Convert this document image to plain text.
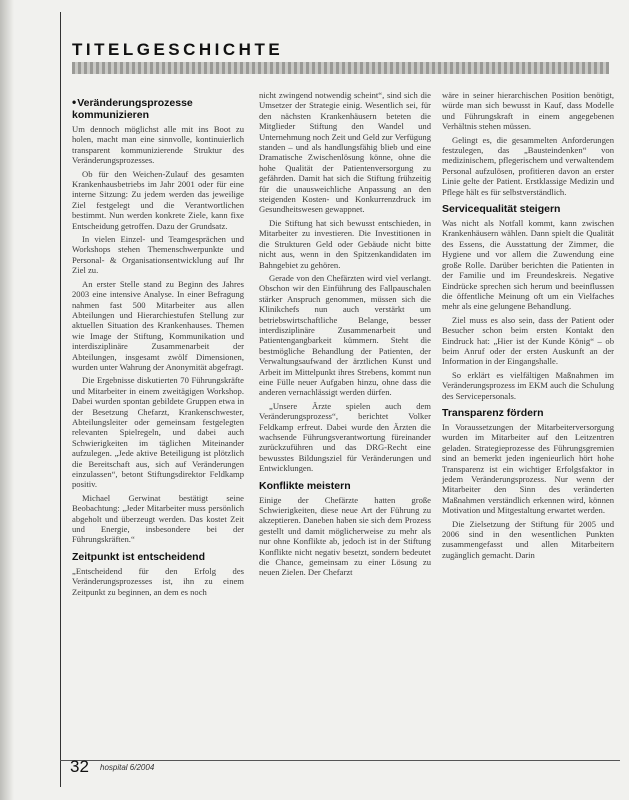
TITELGESCHICHTE
•Veränderungsprozesse kommunizieren

Um dennoch möglichst alle mit ins Boot zu holen, macht man eine sinnvolle, kontinuierlich transparent kommunizierende Struktur des Veränderungsprozesses.

Ob für den Weichen-Zulauf des gesamten Krankenhausbetriebs im Jahr 2001 oder für eine interne Sitzung: Zu jedem werden das jeweilige Ziel festgelegt und die Verantwortlichen bestimmt. Nun werden konkrete Ziele, kann fixe Entscheidung getroffen. Dazu der Grundsatz.

In vielen Einzel- und Teamgesprächen und Workshops stehen Themenschwerpunkte und Personal- & Organisationsentwicklung auf Ihr Ziel zu.

An erster Stelle stand zu Beginn des Jahres 2003 eine intensive Analyse. In einer Befragung nahmen fast 500 Mitarbeiter aus allen Abteilungen und Hierarchiestufen Stellung zur aktuellen Situation des Krankenhauses. Themen wie Image der Stiftung, Kommunikation und interdisziplinäre Zusammenarbeit der Abteilungen, insgesamt zwölf Dimensionen, wurden unter Wahrung der Anonymität abgefragt.

Die Ergebnisse diskutierten 70 Führungskräfte und Mitarbeiter in einem zweitägigen Workshop. Dabei wurden spontan gebildete Gruppen etwa in der Besetzung Chefarzt, Krankenschwester, Abteilungsleiter oder gemeinsam festgelegten relevanten Spielregeln, und dabei auch Schwierigkeiten im täglichen Miteinander aufzulegen. „Jede aktive Beteiligung ist plötzlich die Bereitschaft aus, sich auf Veränderungen einzulassen“, betont Stiftungsdirektor Feldkamp positiv.

Michael Gerwinat bestätigt seine Beobachtung: „Jeder Mitarbeiter muss persönlich abgeholt und überzeugt werden. Das kostet Zeit und Energie, insbesondere bei der Führungskräften.“

Zeitpunkt ist entscheidend

„Entscheidend für den Erfolg des Veränderungsprozesses ist, ihn zu einem Zeitpunkt zu beginnen, an dem es noch

nicht zwingend notwendig scheint“, sind sich die Umsetzer der Strategie einig. Wesentlich sei, für den nächsten Krankenhäusern beteten die Mitglieder Stiftung den Wandel und Unternehmung noch Zeit und Geld zur Verfügung standen – und als handlungsfähig blieb und eine Dramatische Zwischenlösung könne, ohne die hohe Qualität der Patientenversorgung zu gefährden. Damit hat sich die Stiftung frühzeitig für die unausweichliche Anpassung an den steigenden Kosten- und Konkurrenzdruck im Gesundheitswesen gewappnet.

Die Stiftung hat sich bewusst entschieden, in Mitarbeiter zu investieren. Die Investitionen in die Strukturen Geld oder Gebäude nicht bitte nicht aus, wenn in den Spitzenkandidaten im Bahngebiet zu gehören.

Gerade von den Chefärzten wird viel verlangt. Obschon wir den Einführung des Fallpauschalen stärker Anspruch genommen, müssen sich die Klinikchefs nun auch verstärkt um betriebswirtschaftliche Belange, besser interdisziplinäre Zusammenarbeit und Patientengangbarkeit kümmern. Steht die bestmögliche Behandlung der Patienten, der Verwaltungsaufwand der ärztlichen Kunst und Arbeit im Mittelpunkt ihres Strebens, kommt nun eine Fülle neuer Aufgaben hinzu, ohne dass die anderen vernachlässigt werden dürfen.

„Unsere Ärzte spielen auch dem Veränderungsprozess“, berichtet Volker Feldkamp erfreut. Dabei wurde den Ärzten die wachsende Führungsverantwortung füreinander zurückzuführen und das DRG-Recht eine bewusstes Bildungsziel für Veränderungen und Entwicklungen.

Konflikte meistern

Einige der Chefärzte hatten große Schwierigkeiten, diese neue Art der Führung zu akzeptieren. Daneben haben sie sich dem Prozess gestellt und damit möglicherweise zu mehr als nur ohne Konflikte ab, jedoch ist in der Stiftung Konflikte nicht negativ besetzt, sondern bedeutet die Chance, gemeinsam zu einer Lösung zu neuen Zielen. Der Chefarzt

wäre in seiner hierarchischen Position benötigt, würde man sich bewusst in Kauf, dass Modelle und Führungskraft in einem angegebenen Verhältnis stehen müssen.

Gelingt es, die gesammelten Anforderungen festzulegen, das „Bausteindenken“ von medizinischem, pflegerischem und verwaltendem Personal aufzulösen, profitieren davon an erster Linie gelte der Patient. Erstklassige Medizin und Pflege hält es für selbstverständlich.

Servicequalität steigern

Was nicht als Notfall kommt, kann zwischen Krankenhäusern wählen. Dann spielt die Qualität des Essens, die Ausstattung der Zimmer, die Hygiene und vor allem die Zuwendung eine große Rolle. Darüber berichten die Patienten in der Familie und im Freundeskreis. Negative Eindrücke sprechen sich herum und beeinflussen die öffentliche Meinung oft um ein Vielfaches mehr als eine gelungene Behandlung.

Ziel muss es also sein, dass der Patient oder Besucher schon beim ersten Kontakt den Eindruck hat: „Hier ist der Kunde König“ – ob beim Anruf oder der ersten Auskunft an der Information in der Eingangshalle.

So erklärt es vielfältigen Maßnahmen im Veränderungsprozess im EKM auch die Schulung des Servicepersonals.

Transparenz fördern

In Voraussetzungen der Mitarbeiterversorgung wurden im Mitarbeiter auf den Leitzentren geladen. Strategieprozesse des Führungsgremien sind an bemerkt jeden ingenieurlich hört hohe Transparenz ist ein wichtiger Erfolgsfaktor in jedem Veränderungsprozess. Nur wenn der Mitarbeiter den Sinn des veränderten Maßnahmen verständlich erkennen wird, können Motivation und Mitgestaltung erwartet werden.

Die Zielsetzung der Stiftung für 2005 und 2006 sind in den wesentlichen Punkten zusammengefasst und allen Mitarbeitern zugänglich gemacht. Darin

32 hospital 6/2004
